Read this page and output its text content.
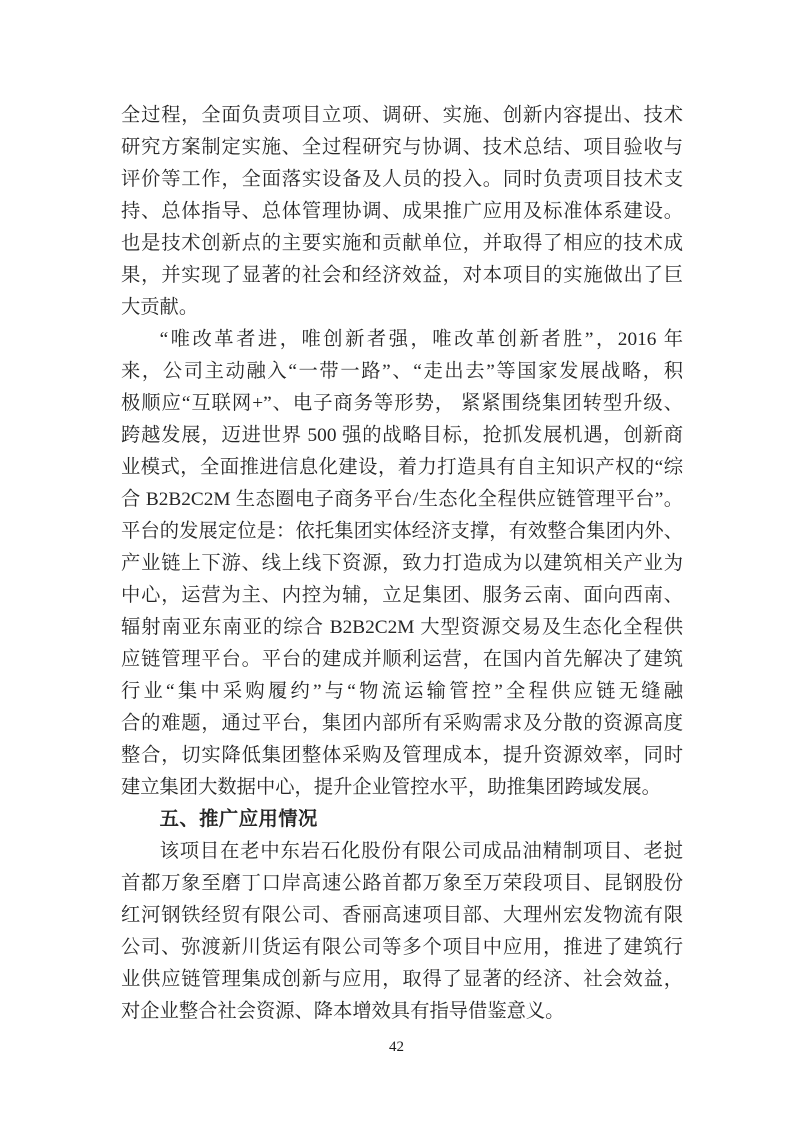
全过程，全面负责项目立项、调研、实施、创新内容提出、技术
研究方案制定实施、全过程研究与协调、技术总结、项目验收与
评价等工作，全面落实设备及人员的投入。同时负责项目技术支
持、总体指导、总体管理协调、成果推广应用及标准体系建设。
也是技术创新点的主要实施和贡献单位，并取得了相应的技术成
果，并实现了显著的社会和经济效益，对本项目的实施做出了巨
大贡献。
“唯改革者进，唯创新者强，唯改革创新者胜”，2016 年
来，公司主动融入“一带一路”、“走出去”等国家发展战略，积
极顺应“互联网+”、电子商务等形势， 紧紧围绕集团转型升级、
跨越发展，迈进世界 500 强的战略目标，抢抓发展机遇，创新商
业模式，全面推进信息化建设，着力打造具有自主知识产权的“综
合 B2B2C2M 生态圈电子商务平台/生态化全程供应链管理平台”。
平台的发展定位是：依托集团实体经济支撑，有效整合集团内外、
产业链上下游、线上线下资源，致力打造成为以建筑相关产业为
中心，运营为主、内控为辅，立足集团、服务云南、面向西南、
辐射南亚东南亚的综合 B2B2C2M 大型资源交易及生态化全程供
应链管理平台。平台的建成并顺利运营，在国内首先解决了建筑
行业“集中采购履约”与“物流运输管控”全程供应链无缝融
合的难题，通过平台，集团内部所有采购需求及分散的资源高度
整合，切实降低集团整体采购及管理成本，提升资源效率，同时
建立集团大数据中心，提升企业管控水平，助推集团跨域发展。
五、推广应用情况
该项目在老中东岩石化股份有限公司成品油精制项目、老挝
首都万象至磨丁口岸高速公路首都万象至万荣段项目、昆钢股份
红河钢铁经贸有限公司、香丽高速项目部、大理州宏发物流有限
公司、弥渡新川货运有限公司等多个项目中应用，推进了建筑行
业供应链管理集成创新与应用，取得了显著的经济、社会效益，
对企业整合社会资源、降本增效具有指导借鉴意义。
42
